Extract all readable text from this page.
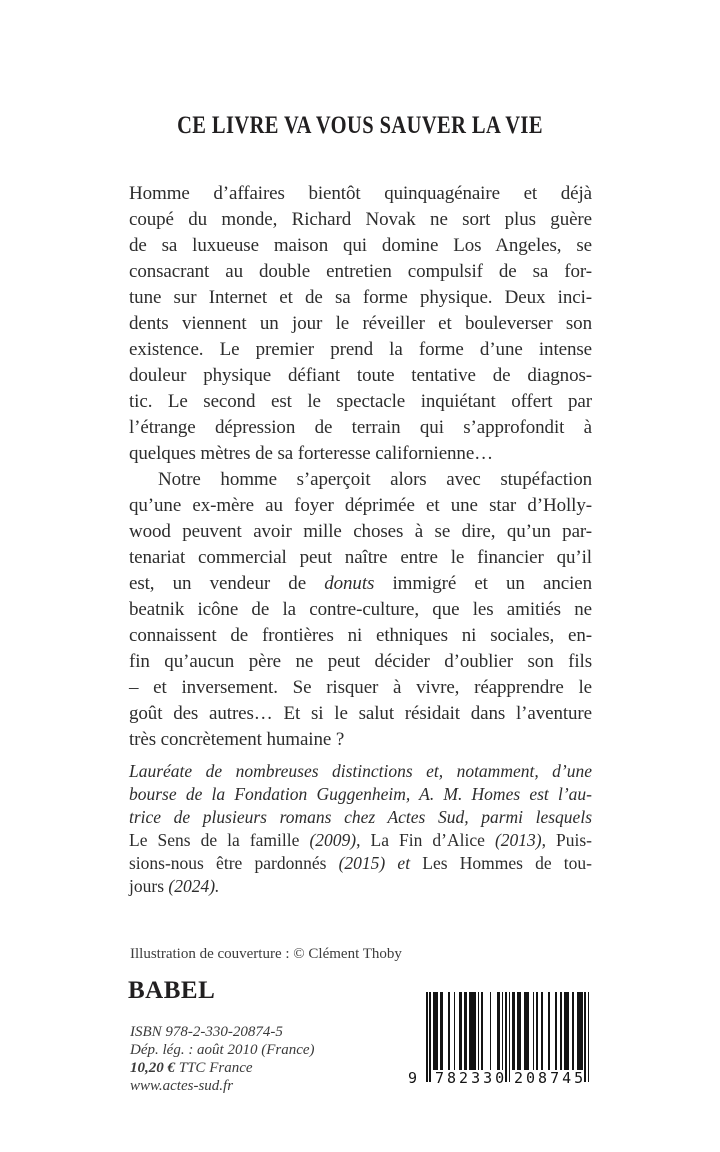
CE LIVRE VA VOUS SAUVER LA VIE
Homme d’affaires bientôt quinquagénaire et déjà
coupé du monde, Richard Novak ne sort plus guère
de sa luxueuse maison qui domine Los Angeles, se
consacrant au double entretien compulsif de sa for-
tune sur Internet et de sa forme physique. Deux inci-
dents viennent un jour le réveiller et bouleverser son
existence. Le premier prend la forme d’une intense
douleur physique défiant toute tentative de diagnos-
tic. Le second est le spectacle inquiétant offert par
l’étrange dépression de terrain qui s’approfondit à
quelques mètres de sa forteresse californienne…
Notre homme s’aperçoit alors avec stupéfaction
qu’une ex-mère au foyer déprimée et une star d’Holly-
wood peuvent avoir mille choses à se dire, qu’un par-
tenariat commercial peut naître entre le financier qu’il
est, un vendeur de donuts immigré et un ancien
beatnik icône de la contre-culture, que les amitiés ne
connaissent de frontières ni ethniques ni sociales, en-
fin qu’aucun père ne peut décider d’oublier son fils
– et inversement. Se risquer à vivre, réapprendre le
goût des autres… Et si le salut résidait dans l’aventure
très concrètement humaine ?
Lauréate de nombreuses distinctions et, notamment, d’une
bourse de la Fondation Guggenheim, A. M. Homes est l’au-
trice de plusieurs romans chez Actes Sud, parmi lesquels
Le Sens de la famille (2009), La Fin d’Alice (2013), Puis-
sions-nous être pardonnés (2015) et Les Hommes de tou-
jours (2024).
Illustration de couverture : © Clément Thoby
BABEL
ISBN 978-2-330-20874-5
Dép. lég. : août 2010 (France)
10,20 € TTC France
www.actes-sud.fr	9 782330 208745
